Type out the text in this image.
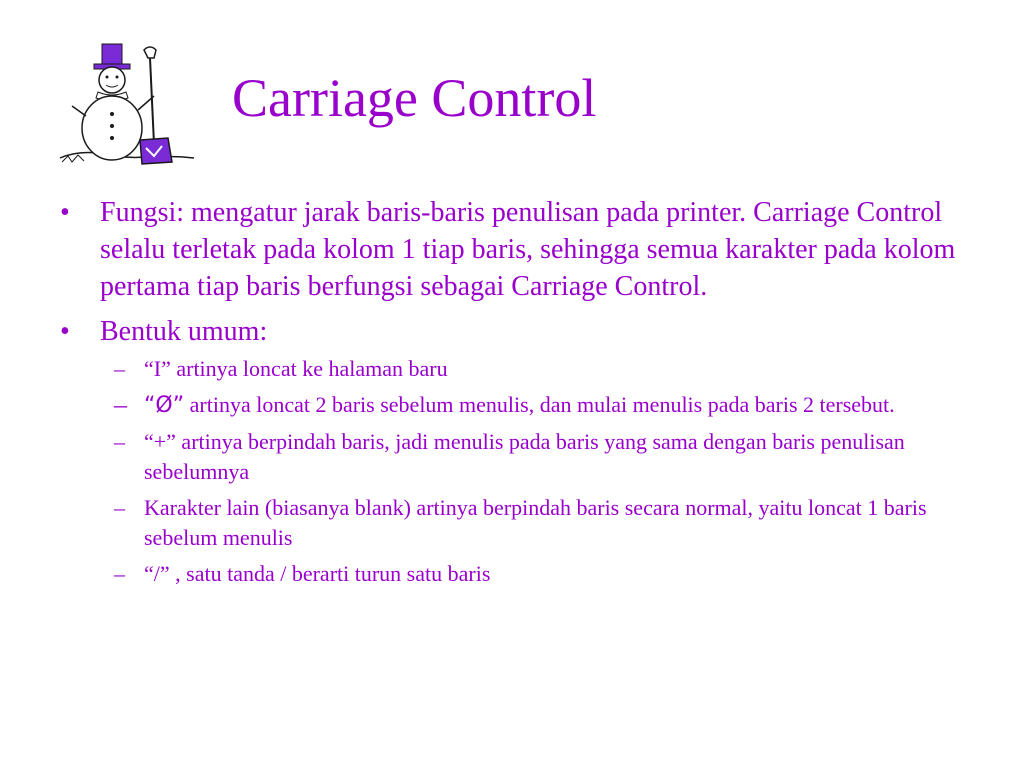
Carriage Control
• Fungsi: mengatur jarak baris-baris penulisan pada printer. Carriage Control selalu terletak pada kolom 1 tiap baris, sehingga semua karakter pada kolom pertama tiap baris berfungsi sebagai Carriage Control.
• Bentuk umum:
– “I” artinya loncat ke halaman baru
– “Ø” artinya loncat 2 baris sebelum menulis, dan mulai menulis pada baris 2 tersebut.
– “+” artinya berpindah baris, jadi menulis pada baris yang sama dengan baris penulisan sebelumnya
– Karakter lain (biasanya blank) artinya berpindah baris secara normal, yaitu loncat 1 baris sebelum menulis
– “/” , satu tanda / berarti turun satu baris
